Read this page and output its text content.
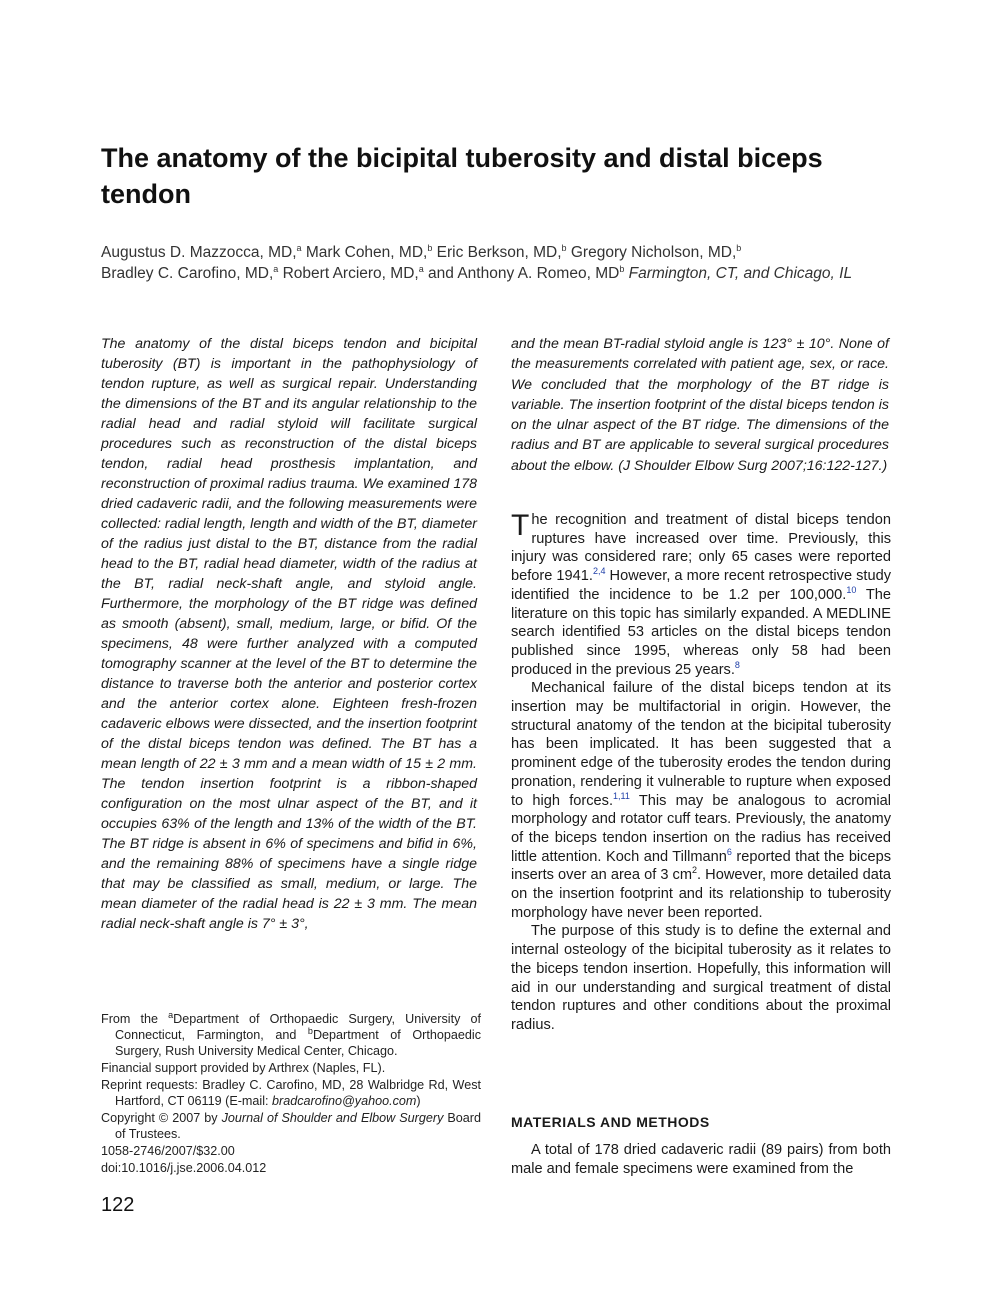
The anatomy of the bicipital tuberosity and distal biceps tendon
Augustus D. Mazzocca, MD,$^a$ Mark Cohen, MD,$^b$ Eric Berkson, MD,$^b$ Gregory Nicholson, MD,$^b$
Bradley C. Carofino, MD,$^a$ Robert Arciero, MD,$^a$ and Anthony A. Romeo, $MD^b$ Farmington, CT, and Chicago, IL

The anatomy of the distal biceps tendon and bicipital tuberosity (BT) is important in the pathophysiology of tendon rupture, as well as surgical repair. Understanding the dimensions of the BT and its angular relationship to the radial head and radial styloid will facilitate surgical procedures such as reconstruction of the distal biceps tendon, radial head prosthesis implantation, and reconstruction of proximal radius trauma. We examined 178 dried cadaveric radii, and the following measurements were collected: radial length, length and width of the BT, diameter of the radius just distal to the BT, distance from the radial head to the BT, radial head diameter, width of the radius at the BT, radial neck-shaft angle, and styloid angle. Furthermore, the morphology of the BT ridge was defined as smooth (absent), small, medium, large, or bifid. Of the specimens, 48 were further analyzed with a computed tomography scanner at the level of the BT to determine the distance to traverse both the anterior and posterior cortex and the anterior cortex alone. Eighteen fresh-frozen cadaveric elbows were dissected, and the insertion footprint of the distal biceps tendon was defined. The BT has a mean length of 22 ± 3 mm and a mean width of 15 ± 2 mm. The tendon insertion footprint is a ribbon-shaped configuration on the most ulnar aspect of the BT, and it occupies 63% of the length and 13% of the width of the BT. The BT ridge is absent in 6% of specimens and bifid in 6%, and the remaining 88% of specimens have a single ridge that may be classified as small, medium, or large. The mean diameter of the radial head is 22 ± 3 mm. The mean radial neck-shaft angle is 7° ± 3°,

and the mean BT-radial styloid angle is 123° ± 10°. None of the measurements correlated with patient age, sex, or race. We concluded that the morphology of the BT ridge is variable. The insertion footprint of the distal biceps tendon is on the ulnar aspect of the BT ridge. The dimensions of the radius and BT are applicable to several surgical procedures about the elbow. (J Shoulder Elbow Surg 2007;16:122-127.)

The recognition and treatment of distal biceps tendon ruptures have increased over time. Previously, this injury was considered rare; only 65 cases were reported before 1941.$^{2,4}$ However, a more recent retrospective study identified the incidence to be 1.2 per 100,000.10 The literature on this topic has similarly expanded. A MEDLINE search identified 53 articles on the distal biceps tendon published since 1995, whereas only 58 had been produced in the previous 25 years.$^8$

Mechanical failure of the distal biceps tendon at its insertion may be multifactorial in origin. However, the structural anatomy of the tendon at the bicipital tuberosity has been implicated. It has been suggested that a prominent edge of the tuberosity erodes the tendon during pronation, rendering it vulnerable to rupture when exposed to high forces.$^{1,11}$ This may be analogous to acromial morphology and rotator cuff tears. Previously, the anatomy of the biceps tendon insertion on the radius has received little attention. Koch and Tillmann$^6$ reported that the biceps inserts over an area of 3 $cm^2$. However, more detailed data on the insertion footprint and its relationship to tuberosity morphology have never been reported.

The purpose of this study is to define the external and internal osteology of the bicipital tuberosity as it relates to the biceps tendon insertion. Hopefully, this information will aid in our understanding and surgical treatment of distal tendon ruptures and other conditions about the proximal radius.

MATERIALS AND METHODS

A total of 178 dried cadaveric radii (89 pairs) from both male and female specimens were examined from the

From the $^a$Department of Orthopaedic Surgery, University of Connecticut, Farmington, and $^b$Department of Orthopaedic Surgery, Rush University Medical Center, Chicago.

Financial support provided by Arthrex (Naples, FL).

Reprint requests: Bradley C. Carofino, MD, 28 Walbridge Rd, West Hartford, CT 06119 (E-mail: bradcarofino@yahoo.com)

Copyright © 2007 by Journal of Shoulder and Elbow Surgery Board of Trustees.

1058-2746/2007/$32.00

doi:10.1016/j.jse.2006.04.012

122
